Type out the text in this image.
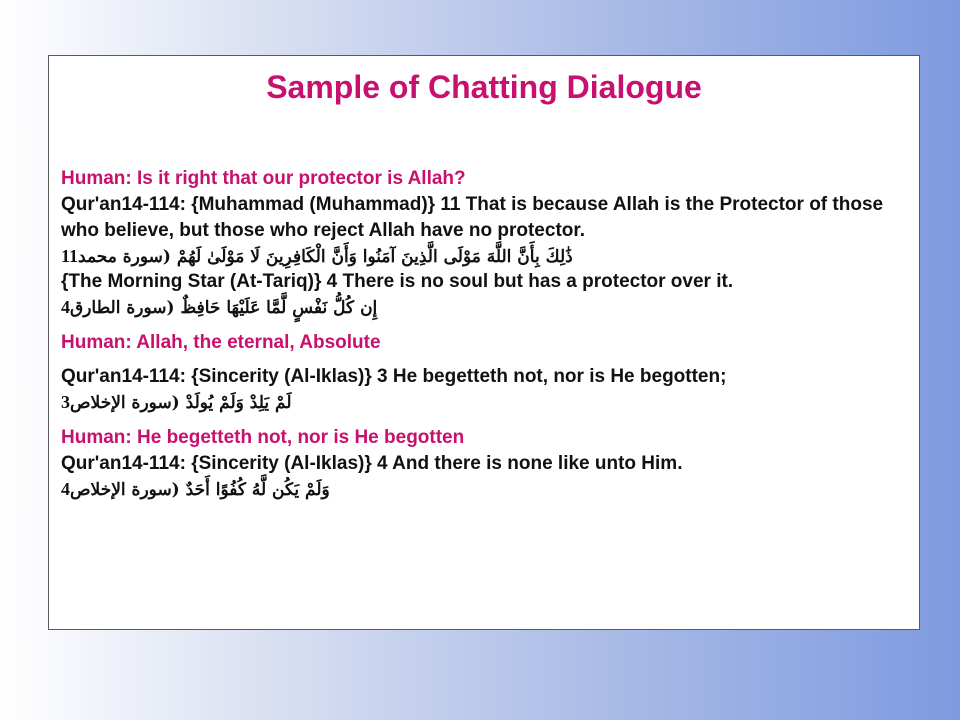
Sample of Chatting Dialogue
Human: Is it right that our protector is Allah?
Qur'an14-114: {Muhammad (Muhammad)} 11 That is because Allah is the Protector of those who believe, but those who reject Allah have no protector.
11ذَٰلِكَ بِأَنَّ اللَّهَ مَوْلَى الَّذِينَ آمَنُوا وَأَنَّ الْكَافِرِينَ لَا مَوْلَىٰ لَهُمْ (سورة محمد
{The Morning Star (At-Tariq)} 4 There is no soul but has a protector over it.
4إِن كُلُّ نَفْسٍ لَّمَّا عَلَيْهَا حَافِظٌ (سورة الطارق
Human: Allah, the eternal, Absolute
Qur'an14-114: {Sincerity (Al-Iklas)} 3 He begetteth not, nor is He begotten;
3لَمْ يَلِدْ وَلَمْ يُولَدْ (سورة الإخلاص
Human: He begetteth not, nor is He begotten
Qur'an14-114: {Sincerity (Al-Iklas)} 4 And there is none like unto Him.
4وَلَمْ يَكُن لَّهُ كُفُوًا أَحَدٌ (سورة الإخلاص
